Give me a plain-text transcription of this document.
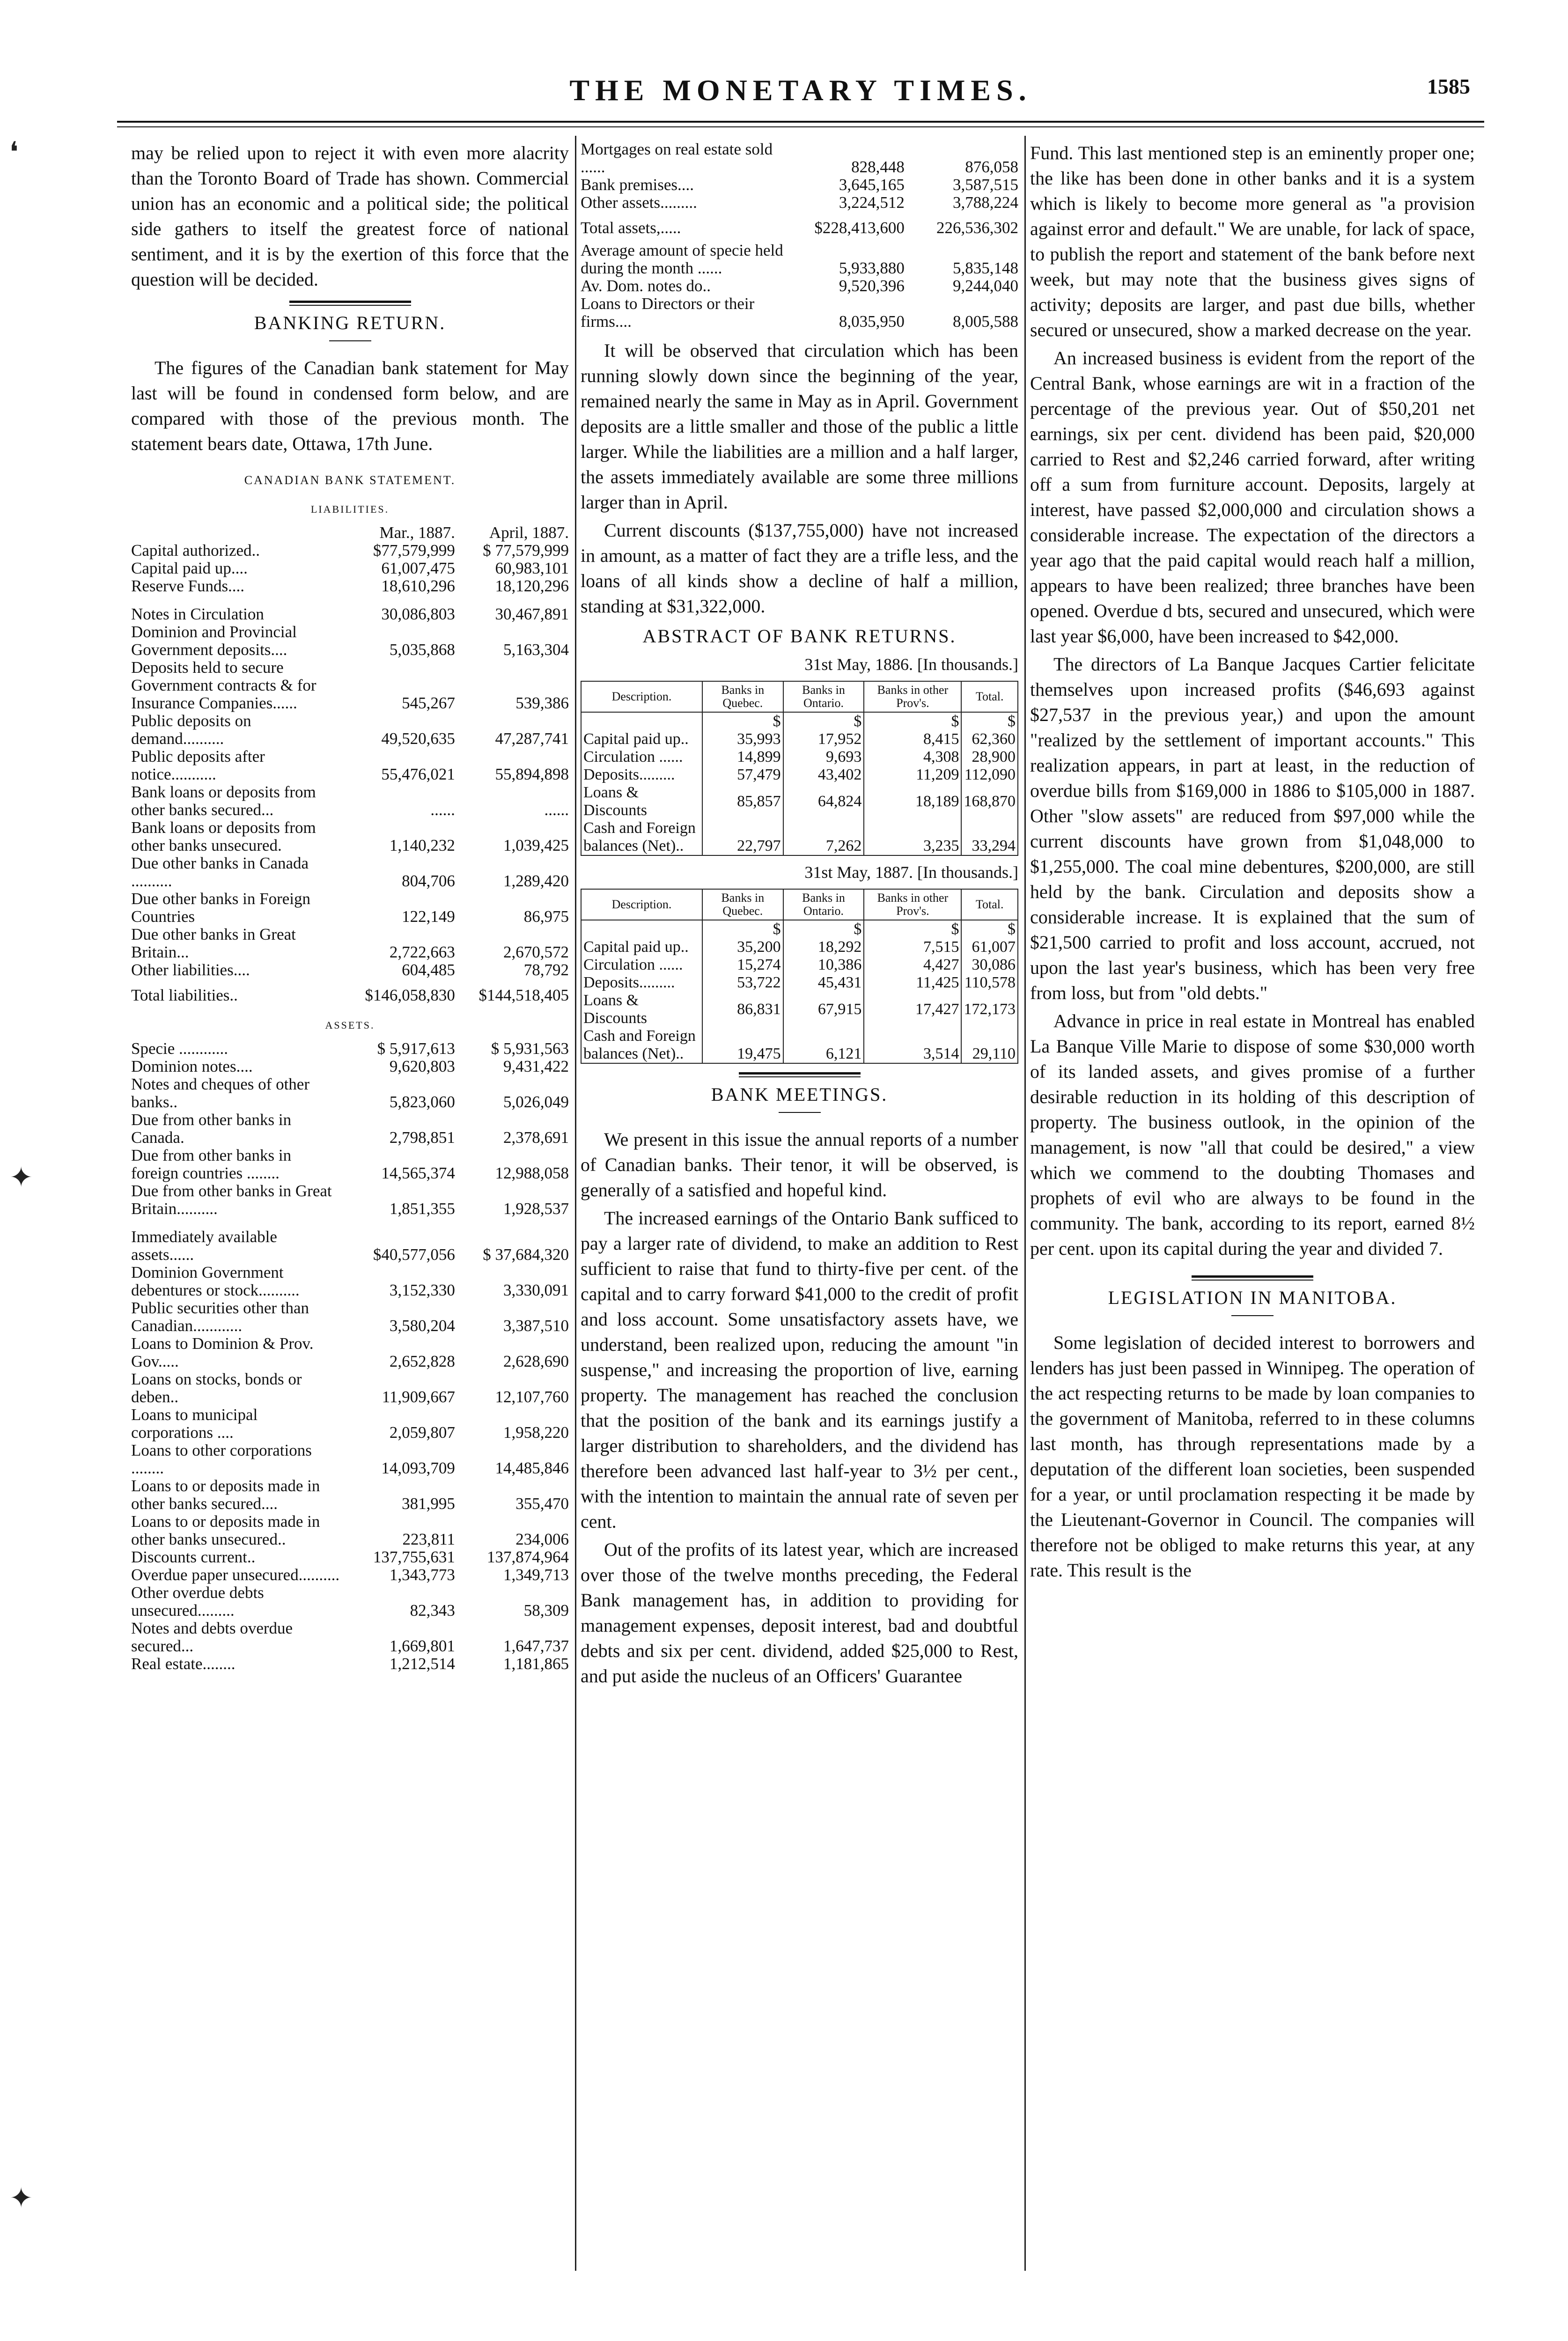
THE MONETARY TIMES.	1585
❛
✦
✦

may be relied upon to reject it with even more alacrity than the Toronto Board of Trade has shown. Commercial union has an economic and a political side; the political side gathers to itself the greatest force of national sentiment, and it is by the exertion of this force that the question will be decided.

BANKING RETURN.

The figures of the Canadian bank statement for May last will be found in condensed form below, and are compared with those of the previous month. The statement bears date, Ottawa, 17th June.

CANADIAN BANK STATEMENT.
LIABILITIES.
	Mar., 1887.	April, 1887.
Capital authorized..	$77,579,999	$ 77,579,999
Capital paid up....	61,007,475	60,983,101
Reserve Funds....	18,610,296	18,120,296
Notes in Circulation	30,086,803	30,467,891
Dominion and Provincial Government deposits....	5,035,868	5,163,304
Deposits held to secure Government contracts & for Insurance Companies......	545,267	539,386
Public deposits on demand..........	49,520,635	47,287,741
Public deposits after notice...........	55,476,021	55,894,898
Bank loans or deposits from other banks secured...	......	......
Bank loans or deposits from other banks unsecured.	1,140,232	1,039,425
Due other banks in Canada ..........	804,706	1,289,420
Due other banks in Foreign Countries	122,149	86,975
Due other banks in Great Britain...	2,722,663	2,670,572
Other liabilities....	604,485	78,792
Total liabilities..	$146,058,830	$144,518,405
ASSETS.
Specie ............	$ 5,917,613	$ 5,931,563
Dominion notes....	9,620,803	9,431,422
Notes and cheques of other banks..	5,823,060	5,026,049
Due from other banks in Canada.	2,798,851	2,378,691
Due from other banks in foreign countries ........	14,565,374	12,988,058
Due from other banks in Great Britain..........	1,851,355	1,928,537
Immediately available assets......	$40,577,056	$ 37,684,320
Dominion Government debentures or stock..........	3,152,330	3,330,091
Public securities other than Canadian............	3,580,204	3,387,510
Loans to Dominion & Prov. Gov.....	2,652,828	2,628,690
Loans on stocks, bonds or deben..	11,909,667	12,107,760
Loans to municipal corporations ....	2,059,807	1,958,220
Loans to other corporations ........	14,093,709	14,485,846
Loans to or deposits made in other banks secured....	381,995	355,470
Loans to or deposits made in other banks unsecured..	223,811	234,006
Discounts current..	137,755,631	137,874,964
Overdue paper unsecured..........	1,343,773	1,349,713
Other overdue debts unsecured.........	82,343	58,309
Notes and debts overdue secured...	1,669,801	1,647,737
Real estate........	1,212,514	1,181,865
Mortgages on real estate sold ......	828,448	876,058
Bank premises....	3,645,165	3,587,515
Other assets.........	3,224,512	3,788,224
Total assets,.....	$228,413,600	226,536,302
Average amount of specie held during the month ......	5,933,880	5,835,148
Av. Dom. notes do..	9,520,396	9,244,040
Loans to Directors or their firms....	8,035,950	8,005,588

It will be observed that circulation which has been running slowly down since the beginning of the year, remained nearly the same in May as in April. Government deposits are a little smaller and those of the public a little larger. While the liabilities are a million and a half larger, the assets immediately available are some three millions larger than in April.

Current discounts ($137,755,000) have not increased in amount, as a matter of fact they are a trifle less, and the loans of all kinds show a decline of half a million, standing at $31,322,000.

ABSTRACT OF BANK RETURNS.
31st May, 1886. [In thousands.]
Description.	Banks in Quebec.	Banks in Ontario.	Banks in other Prov's.	Total.
	$	$	$	$
Capital paid up..	35,993	17,952	8,415	62,360
Circulation ......	14,899	9,693	4,308	28,900
Deposits.........	57,479	43,402	11,209	112,090
Loans & Discounts	85,857	64,824	18,189	168,870
Cash and Foreign				
balances (Net)..	22,797	7,262	3,235	33,294
31st May, 1887. [In thousands.]
Description.	Banks in Quebec.	Banks in Ontario.	Banks in other Prov's.	Total.
	$	$	$	$
Capital paid up..	35,200	18,292	7,515	61,007
Circulation ......	15,274	10,386	4,427	30,086
Deposits.........	53,722	45,431	11,425	110,578
Loans & Discounts	86,831	67,915	17,427	172,173
Cash and Foreign				
balances (Net)..	19,475	6,121	3,514	29,110
BANK MEETINGS.

We present in this issue the annual reports of a number of Canadian banks. Their tenor, it will be observed, is generally of a satisfied and hopeful kind.

The increased earnings of the Ontario Bank sufficed to pay a larger rate of dividend, to make an addition to Rest sufficient to raise that fund to thirty-five per cent. of the capital and to carry forward $41,000 to the credit of profit and loss account. Some unsatisfactory assets have, we understand, been realized upon, reducing the amount "in suspense," and increasing the proportion of live, earning property. The management has reached the conclusion that the position of the bank and its earnings justify a larger distribution to shareholders, and the dividend has therefore been advanced last half-year to 3½ per cent., with the intention to maintain the annual rate of seven per cent.

Out of the profits of its latest year, which are increased over those of the twelve months preceding, the Federal Bank management has, in addition to providing for management expenses, deposit interest, bad and doubtful debts and six per cent. dividend, added $25,000 to Rest, and put aside the nucleus of an Officers' Guarantee

Fund. This last mentioned step is an eminently proper one; the like has been done in other banks and it is a system which is likely to become more general as "a provision against error and default." We are unable, for lack of space, to publish the report and statement of the bank before next week, but may note that the business gives signs of activity; deposits are larger, and past due bills, whether secured or unsecured, show a marked decrease on the year.

An increased business is evident from the report of the Central Bank, whose earnings are wit in a fraction of the percentage of the previous year. Out of $50,201 net earnings, six per cent. dividend has been paid, $20,000 carried to Rest and $2,246 carried forward, after writing off a sum from furniture account. Deposits, largely at interest, have passed $2,000,000 and circulation shows a considerable increase. The expectation of the directors a year ago that the paid capital would reach half a million, appears to have been realized; three branches have been opened. Overdue d bts, secured and unsecured, which were last year $6,000, have been increased to $42,000.

The directors of La Banque Jacques Cartier felicitate themselves upon increased profits ($46,693 against $27,537 in the previous year,) and upon the amount "realized by the settlement of important accounts." This realization appears, in part at least, in the reduction of overdue bills from $169,000 in 1886 to $105,000 in 1887. Other "slow assets" are reduced from $97,000 while the current discounts have grown from $1,048,000 to $1,255,000. The coal mine debentures, $200,000, are still held by the bank. Circulation and deposits show a considerable increase. It is explained that the sum of $21,500 carried to profit and loss account, accrued, not upon the last year's business, which has been very free from loss, but from "old debts."

Advance in price in real estate in Montreal has enabled La Banque Ville Marie to dispose of some $30,000 worth of its landed assets, and gives promise of a further desirable reduction in its holding of this description of property. The business outlook, in the opinion of the management, is now "all that could be desired," a view which we commend to the doubting Thomases and prophets of evil who are always to be found in the community. The bank, according to its report, earned 8½ per cent. upon its capital during the year and divided 7.

LEGISLATION IN MANITOBA.

Some legislation of decided interest to borrowers and lenders has just been passed in Winnipeg. The operation of the act respecting returns to be made by loan companies to the government of Manitoba, referred to in these columns last month, has through representations made by a deputation of the different loan societies, been suspended for a year, or until proclamation respecting it be made by the Lieutenant-Governor in Council. The companies will therefore not be obliged to make returns this year, at any rate. This result is the
